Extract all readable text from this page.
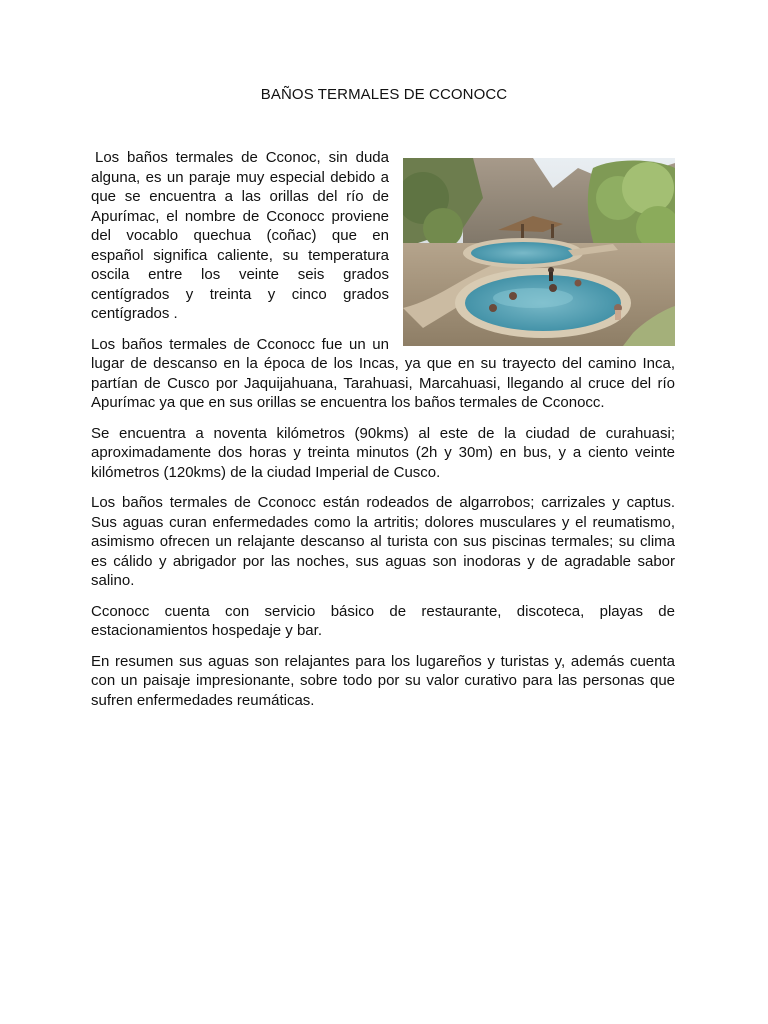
BAÑOS TERMALES DE CCONOCC

Los baños termales de Cconoc, sin duda alguna, es un paraje muy especial debido a que se encuentra a las orillas del río de Apurímac, el nombre de Cconocc proviene del vocablo quechua (coñac) que en español significa caliente, su temperatura oscila entre los veinte seis grados centígrados y treinta y cinco grados centígrados .

Los baños termales de Cconocc fue un un lugar de descanso en la época de los Incas, ya que en su trayecto del camino Inca, partían de Cusco por Jaquijahuana, Tarahuasi, Marcahuasi, llegando al cruce del río Apurímac ya que en sus orillas se encuentra los baños termales de Cconocc.

Se encuentra a noventa kilómetros (90kms) al este de la ciudad de curahuasi; aproximadamente dos horas y treinta minutos (2h y 30m) en bus, y a ciento veinte kilómetros (120kms) de la ciudad Imperial de Cusco.

Los baños termales de Cconocc están rodeados de algarrobos; carrizales y captus. Sus aguas curan enfermedades como la artritis; dolores musculares y el reumatismo, asimismo ofrecen un relajante descanso al turista con sus piscinas termales; su clima es cálido y abrigador por las noches, sus aguas son inodoras y de agradable sabor salino.

Cconocc cuenta con servicio básico de restaurante, discoteca, playas de estacionamientos hospedaje y bar.

En resumen sus aguas son relajantes para los lugareños y turistas y, además cuenta con un paisaje impresionante, sobre todo por su valor curativo para las personas que sufren enfermedades reumáticas.
